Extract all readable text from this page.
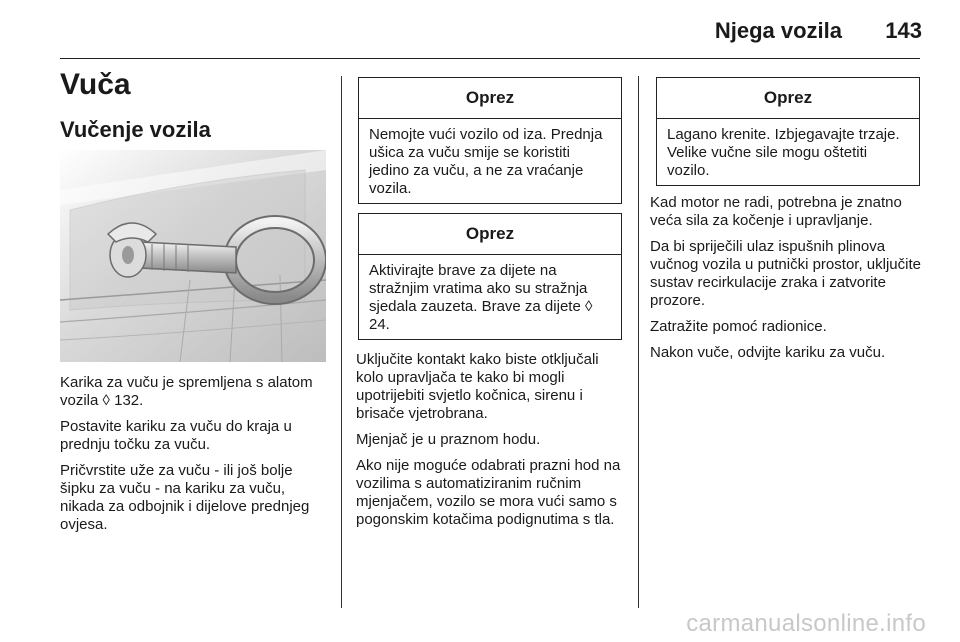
Njega vozila	143
Vuča
Vučenje vozila

Karika za vuču je spremljena s alatom vozila ◊ 132.

Postavite kariku za vuču do kraja u prednju točku za vuču.

Pričvrstite uže za vuču - ili još bolje šipku za vuču - na kariku za vuču, nikada za odbojnik i dijelove prednjeg ovjesa.

Oprez
Nemojte vući vozilo od iza. Prednja ušica za vuču smije se koristiti jedino za vuču, a ne za vraćanje vozila.
Oprez
Aktivirajte brave za dijete na stražnjim vratima ako su stražnja sjedala zauzeta. Brave za dijete ◊ 24.

Uključite kontakt kako biste otključali kolo upravljača te kako bi mogli upotrijebiti svjetlo kočnica, sirenu i brisače vjetrobrana.

Mjenjač je u praznom hodu.

Ako nije moguće odabrati prazni hod na vozilima s automatiziranim ručnim mjenjačem, vozilo se mora vući samo s pogonskim kotačima podignutima s tla.

Oprez
Lagano krenite. Izbjegavajte trzaje. Velike vučne sile mogu oštetiti vozilo.

Kad motor ne radi, potrebna je znatno veća sila za kočenje i upravljanje.

Da bi spriječili ulaz ispušnih plinova vučnog vozila u putnički prostor, uključite sustav recirkulacije zraka i zatvorite prozore.

Zatražite pomoć radionice.

Nakon vuče, odvijte kariku za vuču.

carmanualsonline.info
